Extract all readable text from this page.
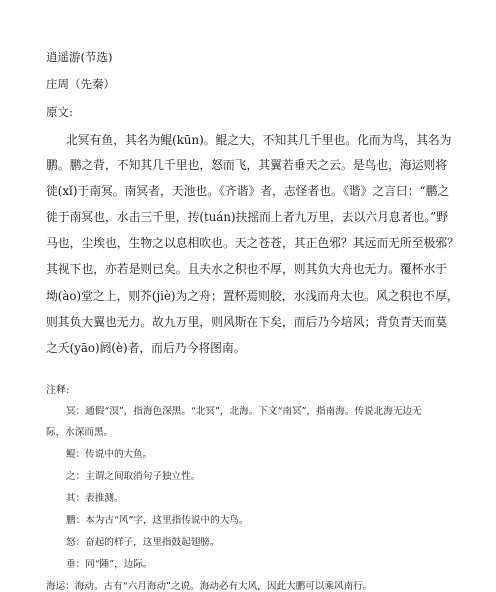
逍遥游(节选)
庄周（先秦）
原文:
北冥有鱼，其名为鲲(kūn)。鲲之大，不知其几千里也。化而为鸟，其名为
鹏。鹏之背，不知其几千里也，怒而飞，其翼若垂天之云。是鸟也，海运则将
徙(xǐ)于南冥。南冥者，天池也。《齐谐》者，志怪者也。《谐》之言曰：“鹏之
徙于南冥也，水击三千里，抟(tuán)扶摇而上者九万里，去以六月息者也。”野
马也，尘埃也，生物之以息相吹也。天之苍苍，其正色邪？其远而无所至极邪？
其视下也，亦若是则已矣。且夫水之积也不厚，则其负大舟也无力。覆杯水于
坳(ào)堂之上，则芥(jiè)为之舟；置杯焉则胶，水浅而舟大也。风之积也不厚，
则其负大翼也无力。故九万里，则风斯在下矣，而后乃今培风；背负青天而莫
之夭(yāo)阏(è)者，而后乃今将图南。
注释:
冥：通假“溟”，指海色深黑。“北冥”，北海。下文“南冥”，指南海。传说北海无边无
际，水深而黑。
鲲：传说中的大鱼。
之：主谓之间取消句子独立性。
其：表推测。
鹏：本为古“风”字，这里指传说中的大鸟。
怒：奋起的样子，这里指鼓起翅膀。
垂：同“陲”，边际。
海运：海动。古有“六月海动”之说。海动必有大风，因此大鹏可以乘风南行。
